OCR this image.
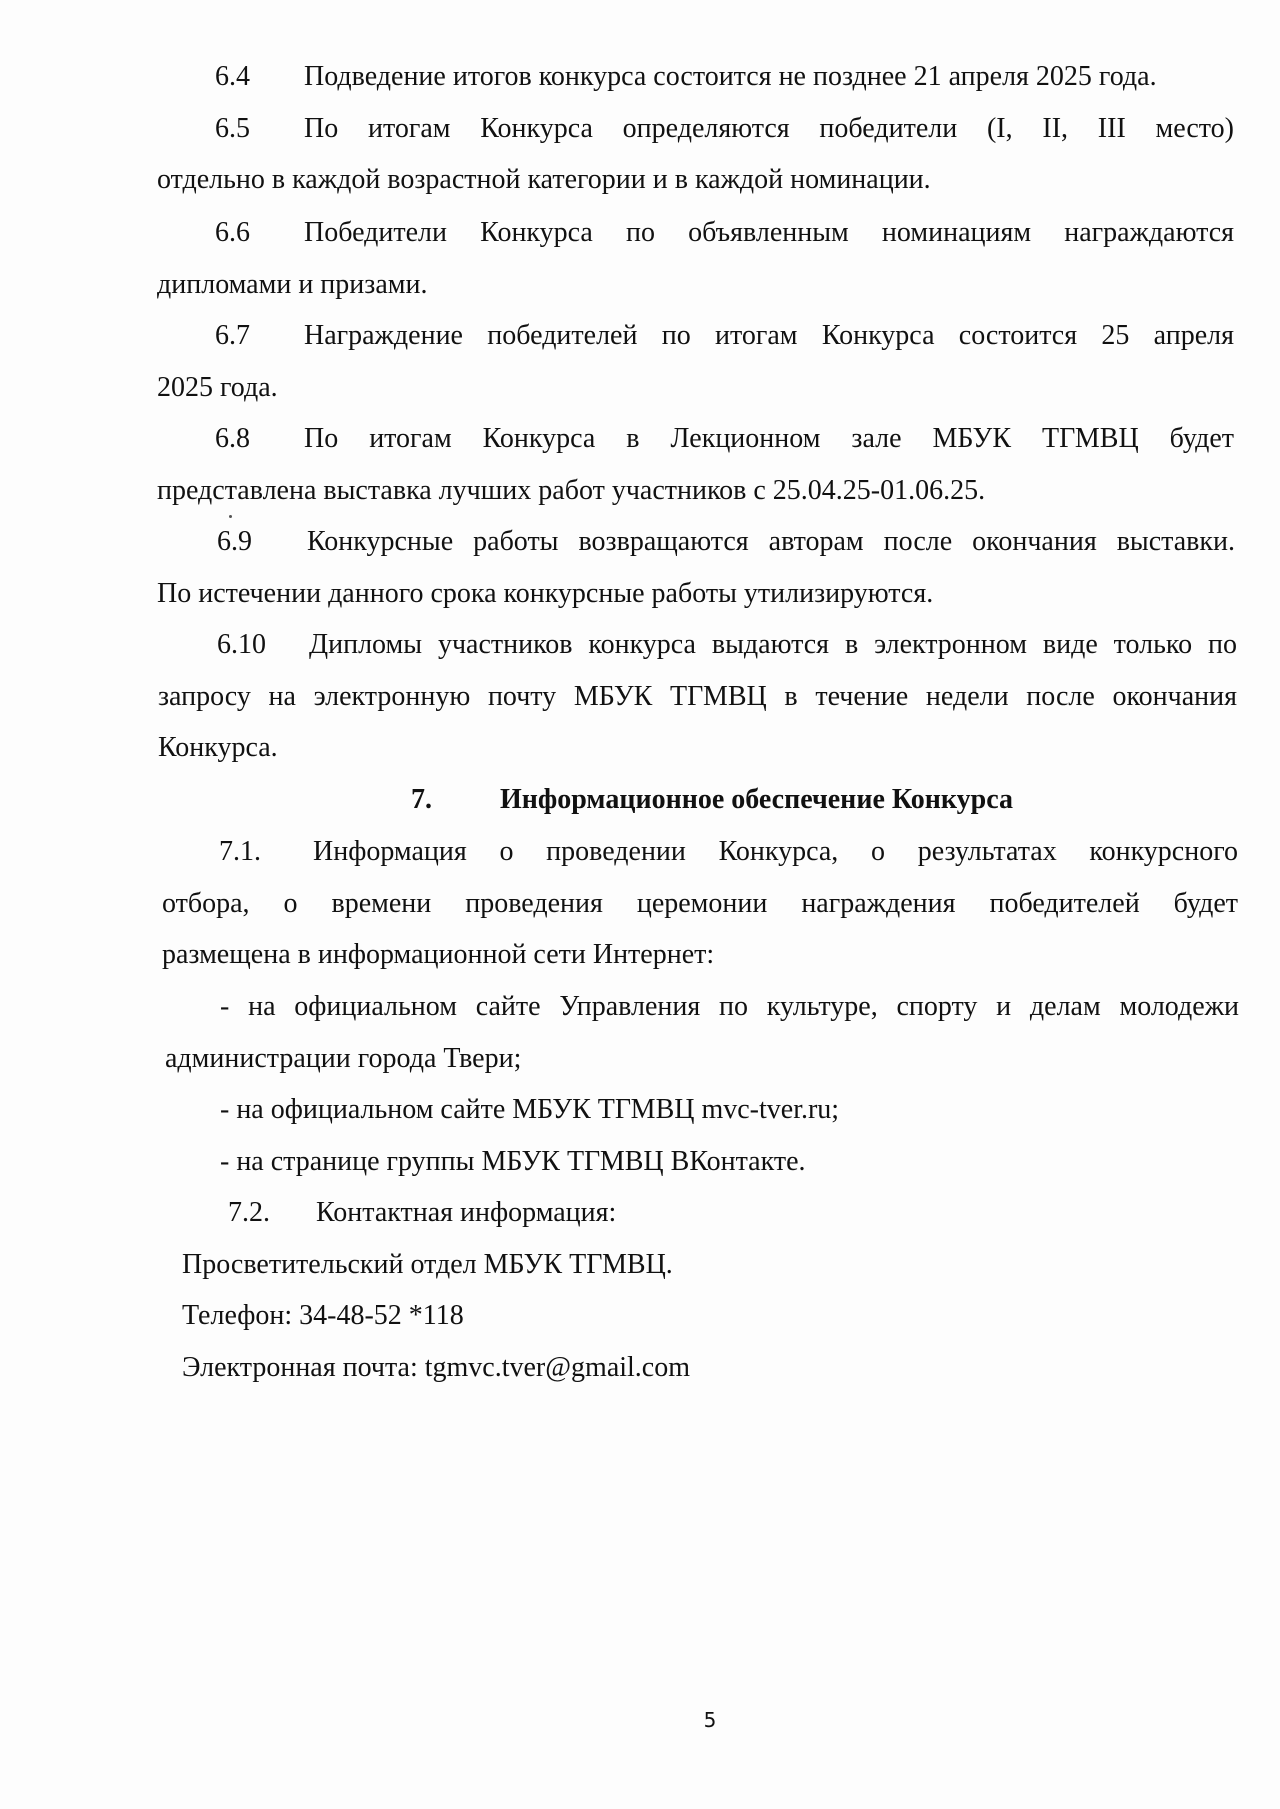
6.4 Подведение итогов конкурса состоится не позднее 21 апреля 2025 года.
6.5 По итогам Конкурса определяются победители (I, II, III место)
отдельно в каждой возрастной категории и в каждой номинации.
6.6 Победители Конкурса по объявленным номинациям награждаются
дипломами и призами.
6.7 Награждение победителей по итогам Конкурса состоится 25 апреля
2025 года.
6.8 По итогам Конкурса в Лекционном зале МБУК ТГМВЦ будет
представлена выставка лучших работ участников с 25.04.25-01.06.25.
6.9 Конкурсные работы возвращаются авторам после окончания выставки.
По истечении данного срока конкурсные работы утилизируются.
6.10 Дипломы участников конкурса выдаются в электронном виде только по
запросу на электронную почту МБУК ТГМВЦ в течение недели после окончания
Конкурса.
7. Информационное обеспечение Конкурса
7.1. Информация о проведении Конкурса, о результатах конкурсного
отбора, о времени проведения церемонии награждения победителей будет
размещена в информационной сети Интернет:
- на официальном сайте Управления по культуре, спорту и делам молодежи
администрации города Твери;
- на официальном сайте МБУК ТГМВЦ mvc-tver.ru;
- на странице группы МБУК ТГМВЦ ВКонтакте.
7.2. Контактная информация:
Просветительский отдел МБУК ТГМВЦ.
Телефон: 34-48-52 *118
Электронная почта: tgmvc.tver@gmail.com
5
